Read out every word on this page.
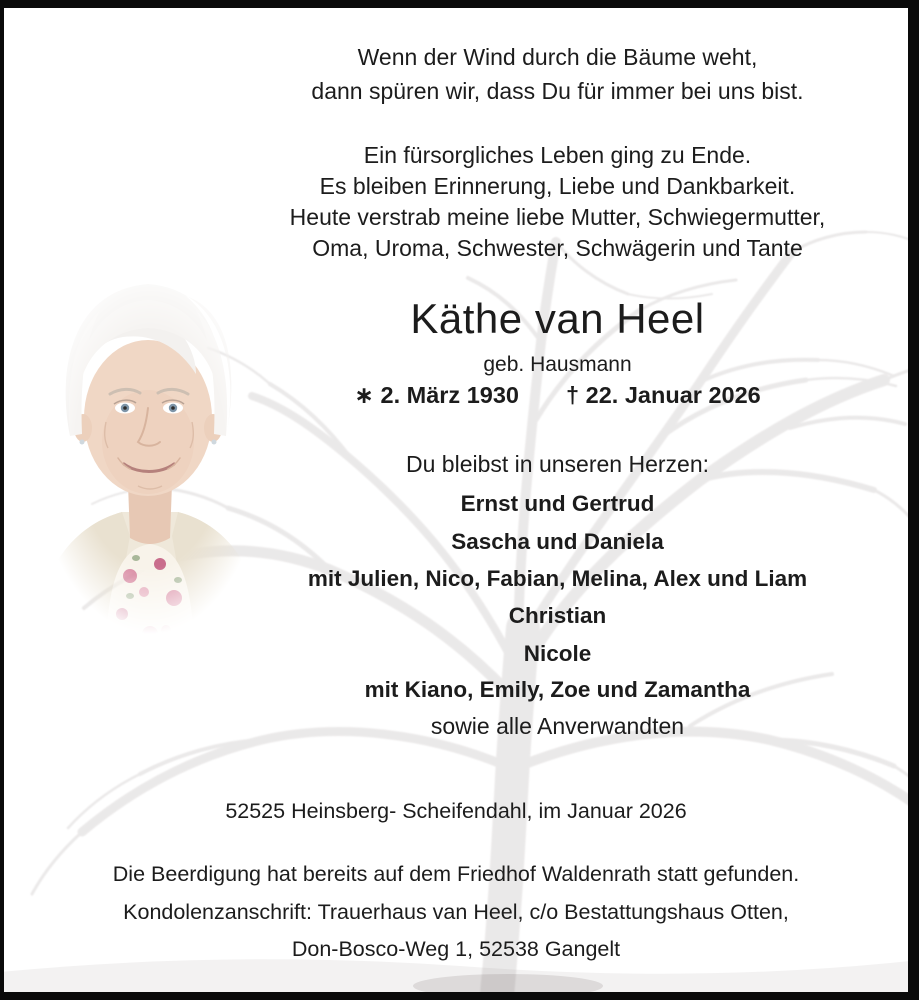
Wenn der Wind durch die Bäume weht,
dann spüren wir, dass Du für immer bei uns bist.
Ein fürsorgliches Leben ging zu Ende.
Es bleiben Erinnerung, Liebe und Dankbarkeit.
Heute verstrab meine liebe Mutter, Schwiegermutter,
Oma, Uroma, Schwester, Schwägerin und Tante
Käthe van Heel
geb. Hausmann
∗ 2. März 1930 † 22. Januar 2026
Du bleibst in unseren Herzen:
Ernst und Gertrud
Sascha und Daniela
mit Julien, Nico, Fabian, Melina, Alex und Liam
Christian
Nicole
mit Kiano, Emily, Zoe und Zamantha
sowie alle Anverwandten
52525 Heinsberg- Scheifendahl, im Januar 2026
Die Beerdigung hat bereits auf dem Friedhof Waldenrath statt gefunden.
Kondolenzanschrift: Trauerhaus van Heel, c/o Bestattungshaus Otten,
Don-Bosco-Weg 1, 52538 Gangelt
